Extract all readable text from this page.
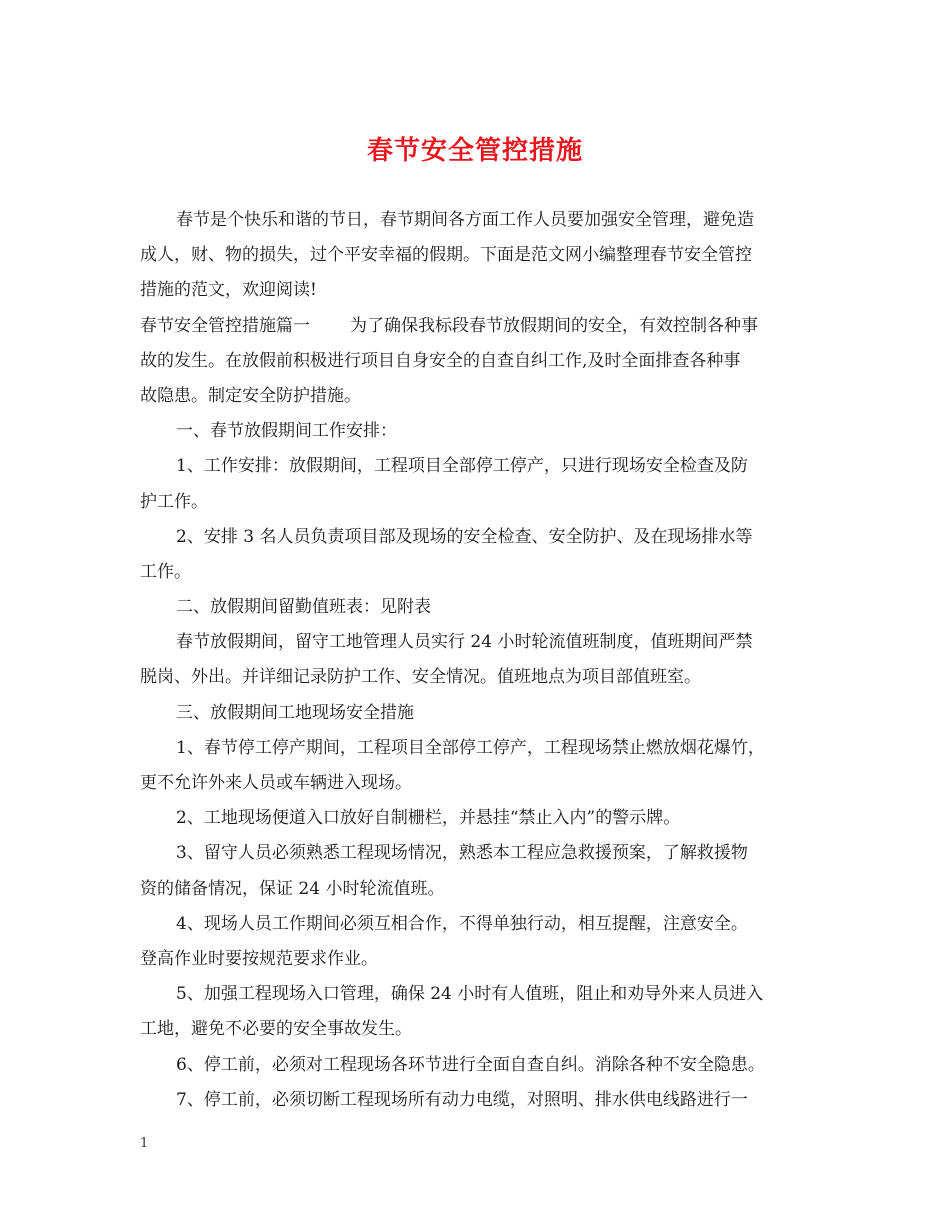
春节安全管控措施
春节是个快乐和谐的节日，春节期间各方面工作人员要加强安全管理，避免造
成人，财、物的损失，过个平安幸福的假期。下面是范文网小编整理春节安全管控
措施的范文，欢迎阅读!
春节安全管控措施篇一 为了确保我标段春节放假期间的安全，有效控制各种事
故的发生。在放假前积极进行项目自身安全的自查自纠工作,及时全面排查各种事
故隐患。制定安全防护措施。
一、春节放假期间工作安排：
1、工作安排：放假期间，工程项目全部停工停产，只进行现场安全检查及防
护工作。
2、安排 3 名人员负责项目部及现场的安全检查、安全防护、及在现场排水等
工作。
二、放假期间留勤值班表：见附表
春节放假期间，留守工地管理人员实行 24 小时轮流值班制度，值班期间严禁
脱岗、外出。并详细记录防护工作、安全情况。值班地点为项目部值班室。
三、放假期间工地现场安全措施
1、春节停工停产期间，工程项目全部停工停产，工程现场禁止燃放烟花爆竹，
更不允许外来人员或车辆进入现场。
2、工地现场便道入口放好自制栅栏，并悬挂“禁止入内”的警示牌。
3、留守人员必须熟悉工程现场情况，熟悉本工程应急救援预案，了解救援物
资的储备情况，保证 24 小时轮流值班。
4、现场人员工作期间必须互相合作，不得单独行动，相互提醒，注意安全。
登高作业时要按规范要求作业。
5、加强工程现场入口管理，确保 24 小时有人值班，阻止和劝导外来人员进入
工地，避免不必要的安全事故发生。
6、停工前，必须对工程现场各环节进行全面自查自纠。消除各种不安全隐患。
7、停工前，必须切断工程现场所有动力电缆，对照明、排水供电线路进行一
1
